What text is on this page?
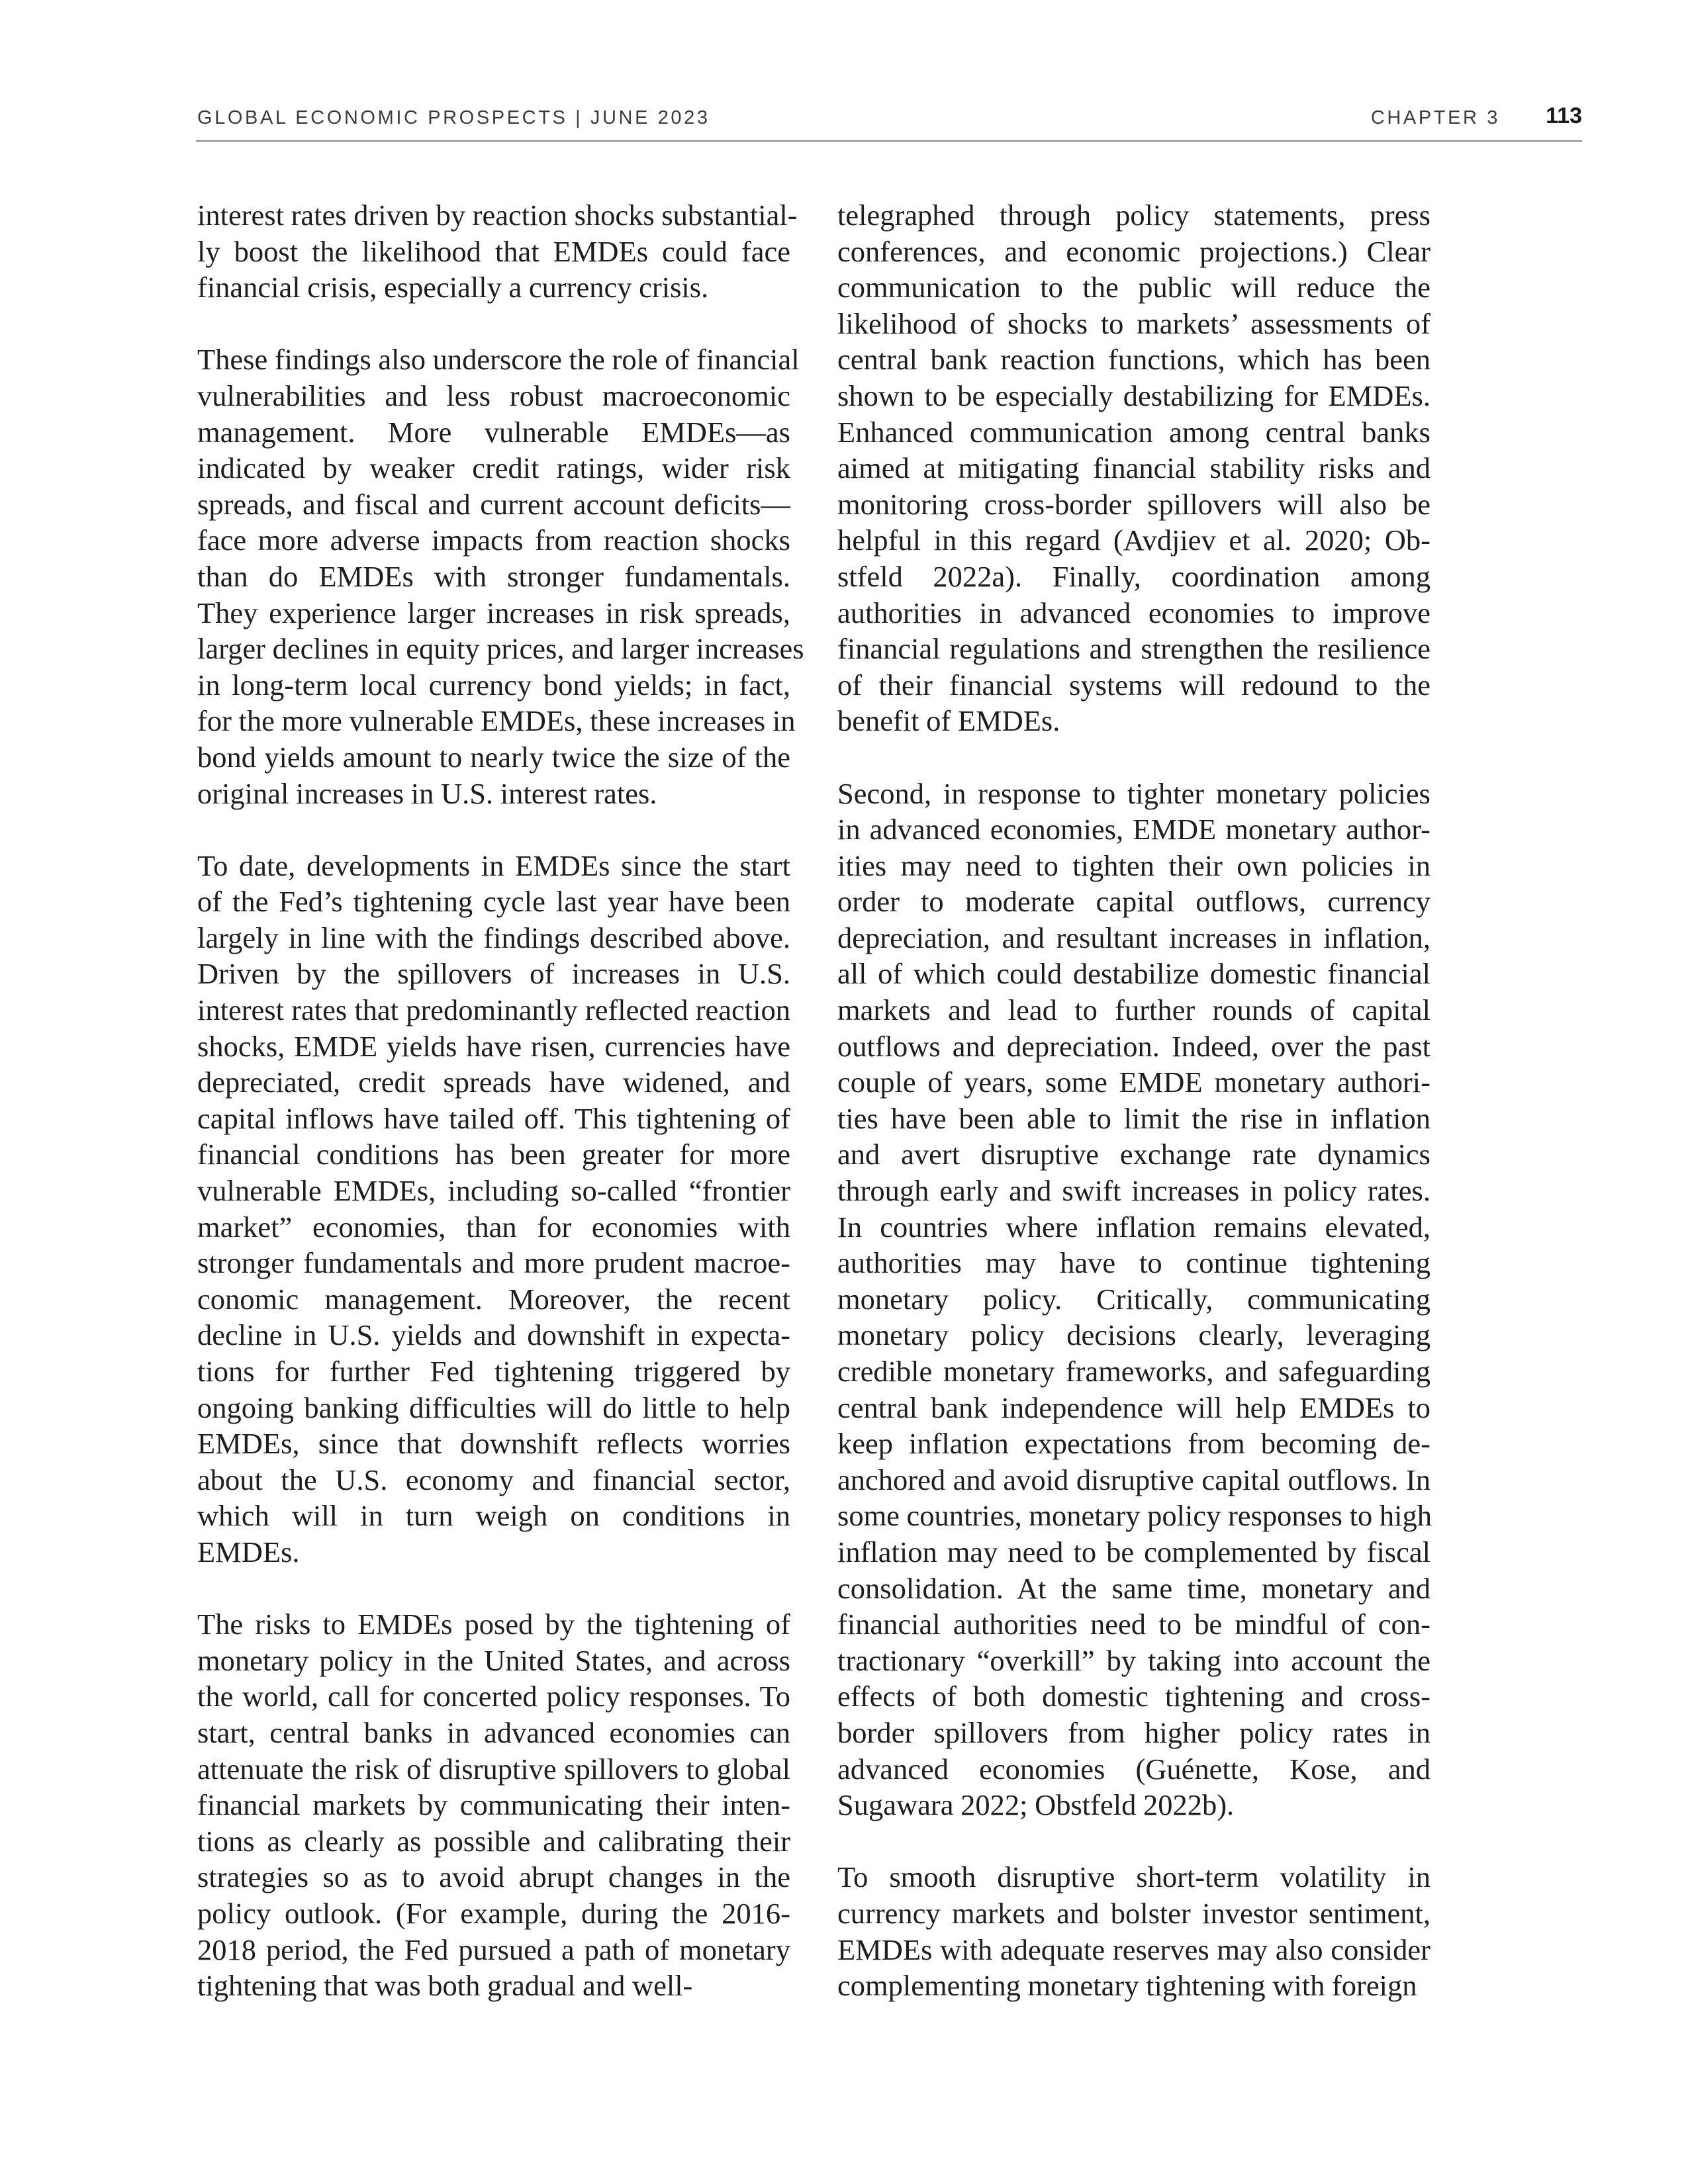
GLOBAL ECONOMIC PROSPECTS | JUNE 2023	CHAPTER 3 113

interest rates driven by reaction shocks substantial-
ly boost the likelihood that EMDEs could face
financial crisis, especially a currency crisis.

These findings also underscore the role of financial
vulnerabilities and less robust macroeconomic
management. More vulnerable EMDEs—as
indicated by weaker credit ratings, wider risk
spreads, and fiscal and current account deficits—
face more adverse impacts from reaction shocks
than do EMDEs with stronger fundamentals.
They experience larger increases in risk spreads,
larger declines in equity prices, and larger increases
in long-term local currency bond yields; in fact,
for the more vulnerable EMDEs, these increases in
bond yields amount to nearly twice the size of the
original increases in U.S. interest rates.

To date, developments in EMDEs since the start
of the Fed’s tightening cycle last year have been
largely in line with the findings described above.
Driven by the spillovers of increases in U.S.
interest rates that predominantly reflected reaction
shocks, EMDE yields have risen, currencies have
depreciated, credit spreads have widened, and
capital inflows have tailed off. This tightening of
financial conditions has been greater for more
vulnerable EMDEs, including so-called “frontier
market” economies, than for economies with
stronger fundamentals and more prudent macroe-
conomic management. Moreover, the recent
decline in U.S. yields and downshift in expecta-
tions for further Fed tightening triggered by
ongoing banking difficulties will do little to help
EMDEs, since that downshift reflects worries
about the U.S. economy and financial sector,
which will in turn weigh on conditions in
EMDEs.

The risks to EMDEs posed by the tightening of
monetary policy in the United States, and across
the world, call for concerted policy responses. To
start, central banks in advanced economies can
attenuate the risk of disruptive spillovers to global
financial markets by communicating their inten-
tions as clearly as possible and calibrating their
strategies so as to avoid abrupt changes in the
policy outlook. (For example, during the 2016-
2018 period, the Fed pursued a path of monetary
tightening that was both gradual and well-

telegraphed through policy statements, press
conferences, and economic projections.) Clear
communication to the public will reduce the
likelihood of shocks to markets’ assessments of
central bank reaction functions, which has been
shown to be especially destabilizing for EMDEs.
Enhanced communication among central banks
aimed at mitigating financial stability risks and
monitoring cross-border spillovers will also be
helpful in this regard (Avdjiev et al. 2020; Ob-
stfeld 2022a). Finally, coordination among
authorities in advanced economies to improve
financial regulations and strengthen the resilience
of their financial systems will redound to the
benefit of EMDEs.

Second, in response to tighter monetary policies
in advanced economies, EMDE monetary author-
ities may need to tighten their own policies in
order to moderate capital outflows, currency
depreciation, and resultant increases in inflation,
all of which could destabilize domestic financial
markets and lead to further rounds of capital
outflows and depreciation. Indeed, over the past
couple of years, some EMDE monetary authori-
ties have been able to limit the rise in inflation
and avert disruptive exchange rate dynamics
through early and swift increases in policy rates.
In countries where inflation remains elevated,
authorities may have to continue tightening
monetary policy. Critically, communicating
monetary policy decisions clearly, leveraging
credible monetary frameworks, and safeguarding
central bank independence will help EMDEs to
keep inflation expectations from becoming de-
anchored and avoid disruptive capital outflows. In
some countries, monetary policy responses to high
inflation may need to be complemented by fiscal
consolidation. At the same time, monetary and
financial authorities need to be mindful of con-
tractionary “overkill” by taking into account the
effects of both domestic tightening and cross-
border spillovers from higher policy rates in
advanced economies (Guénette, Kose, and
Sugawara 2022; Obstfeld 2022b).

To smooth disruptive short-term volatility in
currency markets and bolster investor sentiment,
EMDEs with adequate reserves may also consider
complementing monetary tightening with foreign
